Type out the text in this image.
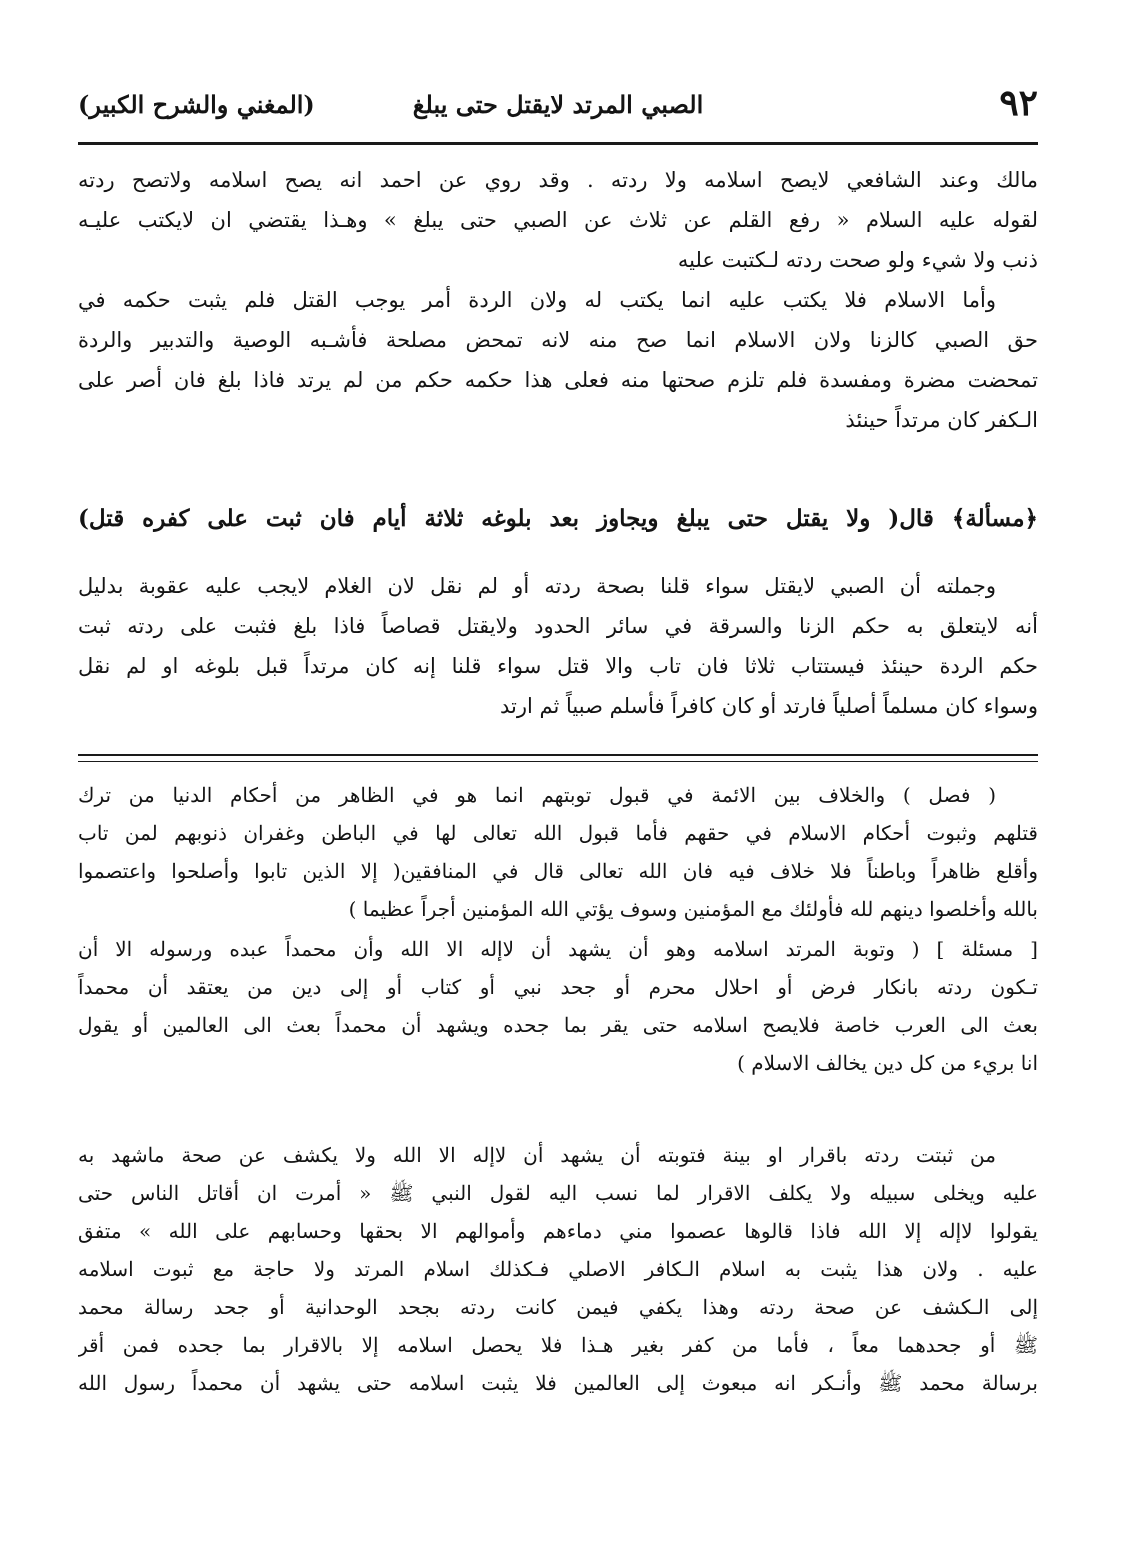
٩٢
الصبي المرتد لايقتل حتى يبلغ
(المغني والشرح الكبير)
مالك وعند الشافعي لايصح اسلامه ولا ردته . وقد روي عن احمد انه يصح اسلامه ولاتصح ردته
لقوله عليه السلام « رفع القلم عن ثلاث عن الصبي حتى يبلغ » وهـذا يقتضي ان لايكتب عليـه
ذنب ولا شيء ولو صحت ردته لـكتبت عليه
وأما الاسلام فلا يكتب عليه انما يكتب له ولان الردة أمر يوجب القتل فلم يثبت حكمه في
حق الصبي كالزنا ولان الاسلام انما صح منه لانه تمحض مصلحة فأشـبه الوصية والتدبير والردة
تمحضت مضرة ومفسدة فلم تلزم صحتها منه فعلى هذا حكمه حكم من لم يرتد فاذا بلغ فان أصر على
الـكفر كان مرتداً حينئذ
﴿مسألة﴾ قال( ولا يقتل حتى يبلغ ويجاوز بعد بلوغه ثلاثة أيام فان ثبت على كفره قتل)
وجملته أن الصبي لايقتل سواء قلنا بصحة ردته أو لم نقل لان الغلام لايجب عليه عقوبة بدليل
أنه لايتعلق به حكم الزنا والسرقة في سائر الحدود ولايقتل قصاصاً فاذا بلغ فثبت على ردته ثبت
حكم الردة حينئذ فيستتاب ثلاثا فان تاب والا قتل سواء قلنا إنه كان مرتداً قبل بلوغه او لم نقل
وسواء كان مسلماً أصلياً فارتد أو كان كافراً فأسلم صبياً ثم ارتد
( فصل ) والخلاف بين الائمة في قبول توبتهم انما هو في الظاهر من أحكام الدنيا من ترك
قتلهم وثبوت أحكام الاسلام في حقهم فأما قبول الله تعالى لها في الباطن وغفران ذنوبهم لمن تاب
وأقلع ظاهراً وباطناً فلا خلاف فيه فان الله تعالى قال في المنافقين( إلا الذين تابوا وأصلحوا واعتصموا
بالله وأخلصوا دينهم لله فأولئك مع المؤمنين وسوف يؤتي الله المؤمنين أجراً عظيما )
[ مسئلة ] ( وتوبة المرتد اسلامه وهو أن يشهد أن لاإله الا الله وأن محمداً عبده ورسوله الا أن
تـكون ردته بانكار فرض أو احلال محرم أو جحد نبي أو كتاب أو إلى دين من يعتقد أن محمداً
بعث الى العرب خاصة فلايصح اسلامه حتى يقر بما جحده ويشهد أن محمداً بعث الى العالمين أو يقول
انا بريء من كل دين يخالف الاسلام )
من ثبتت ردته باقرار او بينة فتوبته أن يشهد أن لاإله الا الله ولا يكشف عن صحة ماشهد به
عليه ويخلى سبيله ولا يكلف الاقرار لما نسب اليه لقول النبي ﷺ « أمرت ان أقاتل الناس حتى
يقولوا لاإله إلا الله فاذا قالوها عصموا مني دماءهم وأموالهم الا بحقها وحسابهم على الله » متفق
عليه . ولان هذا يثبت به اسلام الـكافر الاصلي فـكذلك اسلام المرتد ولا حاجة مع ثبوت اسلامه
إلى الـكشف عن صحة ردته وهذا يكفي فيمن كانت ردته بجحد الوحدانية أو جحد رسالة محمد
ﷺ أو جحدهما معاً ، فأما من كفر بغير هـذا فلا يحصل اسلامه إلا بالاقرار بما جحده فمن أقر
برسالة محمد ﷺ وأنـكر انه مبعوث إلى العالمين فلا يثبت اسلامه حتى يشهد أن محمداً رسول الله
